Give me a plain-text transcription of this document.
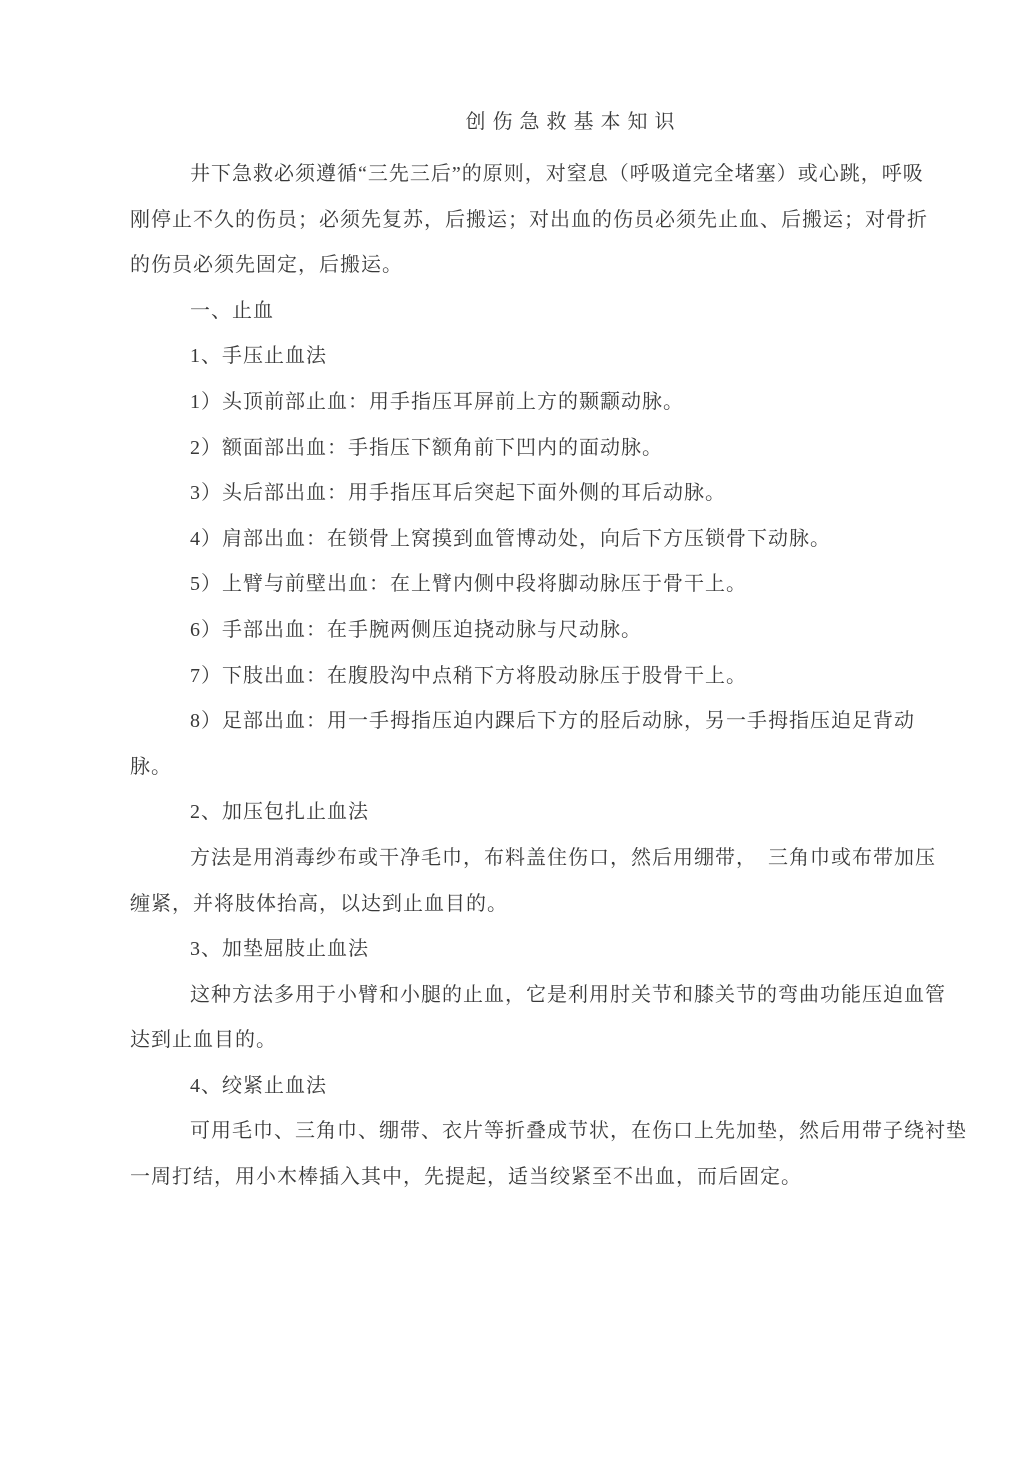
创伤急救基本知识
井下急救必须遵循“三先三后”的原则，对窒息（呼吸道完全堵塞）或心跳，呼吸
刚停止不久的伤员；必须先复苏，后搬运；对出血的伤员必须先止血、后搬运；对骨折
的伤员必须先固定，后搬运。
一、止血
1、手压止血法
1）头顶前部止血：用手指压耳屏前上方的颞颥动脉。
2）额面部出血：手指压下额角前下凹内的面动脉。
3）头后部出血：用手指压耳后突起下面外侧的耳后动脉。
4）肩部出血：在锁骨上窝摸到血管博动处，向后下方压锁骨下动脉。
5）上臂与前壁出血：在上臂内侧中段将脚动脉压于骨干上。
6）手部出血：在手腕两侧压迫挠动脉与尺动脉。
7）下肢出血：在腹股沟中点稍下方将股动脉压于股骨干上。
8）足部出血：用一手拇指压迫内踝后下方的胫后动脉，另一手拇指压迫足背动
脉。
2、加压包扎止血法
方法是用消毒纱布或干净毛巾，布料盖住伤口，然后用绷带，　三角巾或布带加压
缠紧，并将肢体抬高，以达到止血目的。
3、加垫屈肢止血法
这种方法多用于小臂和小腿的止血，它是利用肘关节和膝关节的弯曲功能压迫血管
达到止血目的。
4、绞紧止血法
可用毛巾、三角巾、绷带、衣片等折叠成节状，在伤口上先加垫，然后用带子绕衬垫
一周打结，用小木棒插入其中，先提起，适当绞紧至不出血，而后固定。
